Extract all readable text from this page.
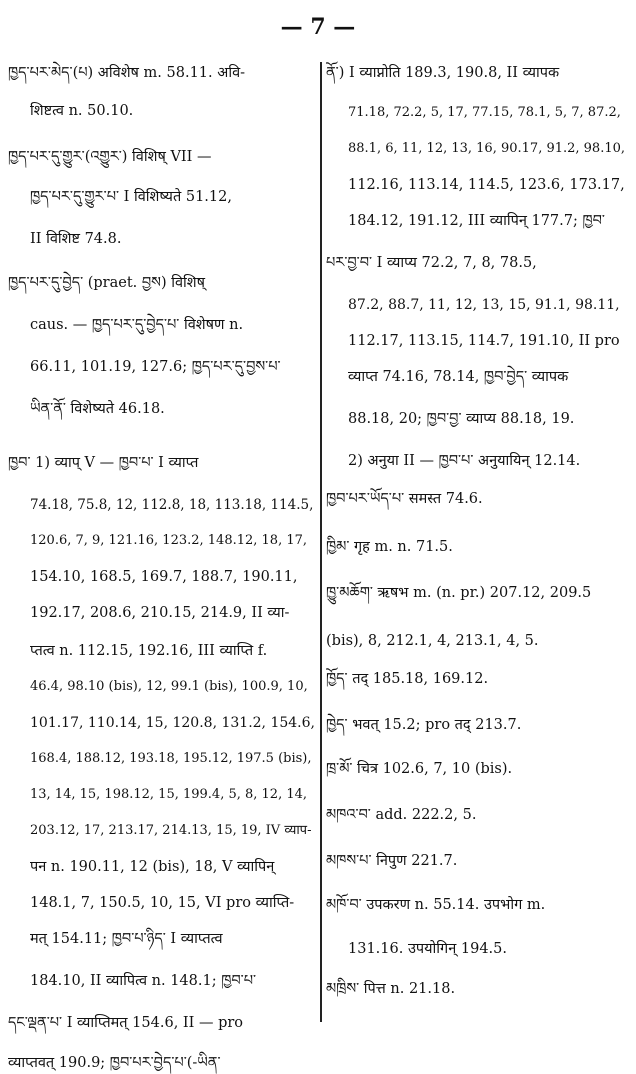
— 7 —
ཁྱད་པར་མེད་(པ) अविशेष m. 58.11. अवि-
शिष्टत्व n. 50.10.
ཁྱད་པར་དུ་གྱུར་(འགྱུར་) विशिष् VII —
ཁྱད་པར་དུ་གྱུར་པ་ I विशिष्यते 51.12,
II विशिष्ट 74.8.
ཁྱད་པར་དུ་བྱེད་ (praet. བྱས) विशिष्
caus. — ཁྱད་པར་དུ་བྱེད་པ་ विशेषण n.
66.11, 101.19, 127.6; ཁྱད་པར་དུ་བྱས་པ་
ཡིན་ནོ་ विशेष्यते 46.18.
ཁྱབ་ 1) व्याप् V — ཁྱབ་པ་ I व्याप्त
74.18, 75.8, 12, 112.8, 18, 113.18, 114.5,
120.6, 7, 9, 121.16, 123.2, 148.12, 18, 17,
154.10, 168.5, 169.7, 188.7, 190.11,
192.17, 208.6, 210.15, 214.9, II व्या-
प्तत्व n. 112.15, 192.16, III व्याप्ति f.
46.4, 98.10 (bis), 12, 99.1 (bis), 100.9, 10,
101.17, 110.14, 15, 120.8, 131.2, 154.6,
168.4, 188.12, 193.18, 195.12, 197.5 (bis),
13, 14, 15, 198.12, 15, 199.4, 5, 8, 12, 14,
203.12, 17, 213.17, 214.13, 15, 19, IV व्याप-
पन n. 190.11, 12 (bis), 18, V व्यापिन्
148.1, 7, 150.5, 10, 15, VI pro व्याप्ति-
मत् 154.11; ཁྱབ་པ་ཉིད་ I व्याप्तत्व
184.10, II व्यापित्व n. 148.1; ཁྱབ་པ་
དང་ལྡན་པ་ I व्याप्तिमत् 154.6, II — pro
व्याप्तवत् 190.9; ཁྱབ་པར་བྱེད་པ་(-ཡིན་
ནོ་) I व्याप्नोति 189.3, 190.8, II व्यापक
71.18, 72.2, 5, 17, 77.15, 78.1, 5, 7, 87.2,
88.1, 6, 11, 12, 13, 16, 90.17, 91.2, 98.10,
112.16, 113.14, 114.5, 123.6, 173.17,
184.12, 191.12, III व्यापिन् 177.7; ཁྱབ་
པར་བྱ་བ་ I व्याप्य 72.2, 7, 8, 78.5,
87.2, 88.7, 11, 12, 13, 15, 91.1, 98.11,
112.17, 113.15, 114.7, 191.10, II pro
व्याप्त 74.16, 78.14, ཁྱབ་བྱེད་ व्यापक
88.18, 20; ཁྱབ་བྱ་ व्याप्य 88.18, 19.
2) अनुया II — ཁྱབ་པ་ अनुयायिन् 12.14.
ཁྱབ་པར་ཡོད་པ་ समस्त 74.6.
ཁྱིམ་ गृह m. n. 71.5.
ཁྱུ་མཆོག་ ऋषभ m. (n. pr.) 207.12, 209.5
(bis), 8, 212.1, 4, 213.1, 4, 5.
ཁྱོད་ तद् 185.18, 169.12.
ཁྱེད་ भवत् 15.2; pro तद् 213.7.
ཁྲ་མོ་ चित्र 102.6, 7, 10 (bis).
མཁའ་བ་ add. 222.2, 5.
མཁས་པ་ निपुण 221.7.
མཁོ་བ་ उपकरण n. 55.14. उपभोग m.
131.16. उपयोगिन् 194.5.
མཁྲིས་ पित्त n. 21.18.
